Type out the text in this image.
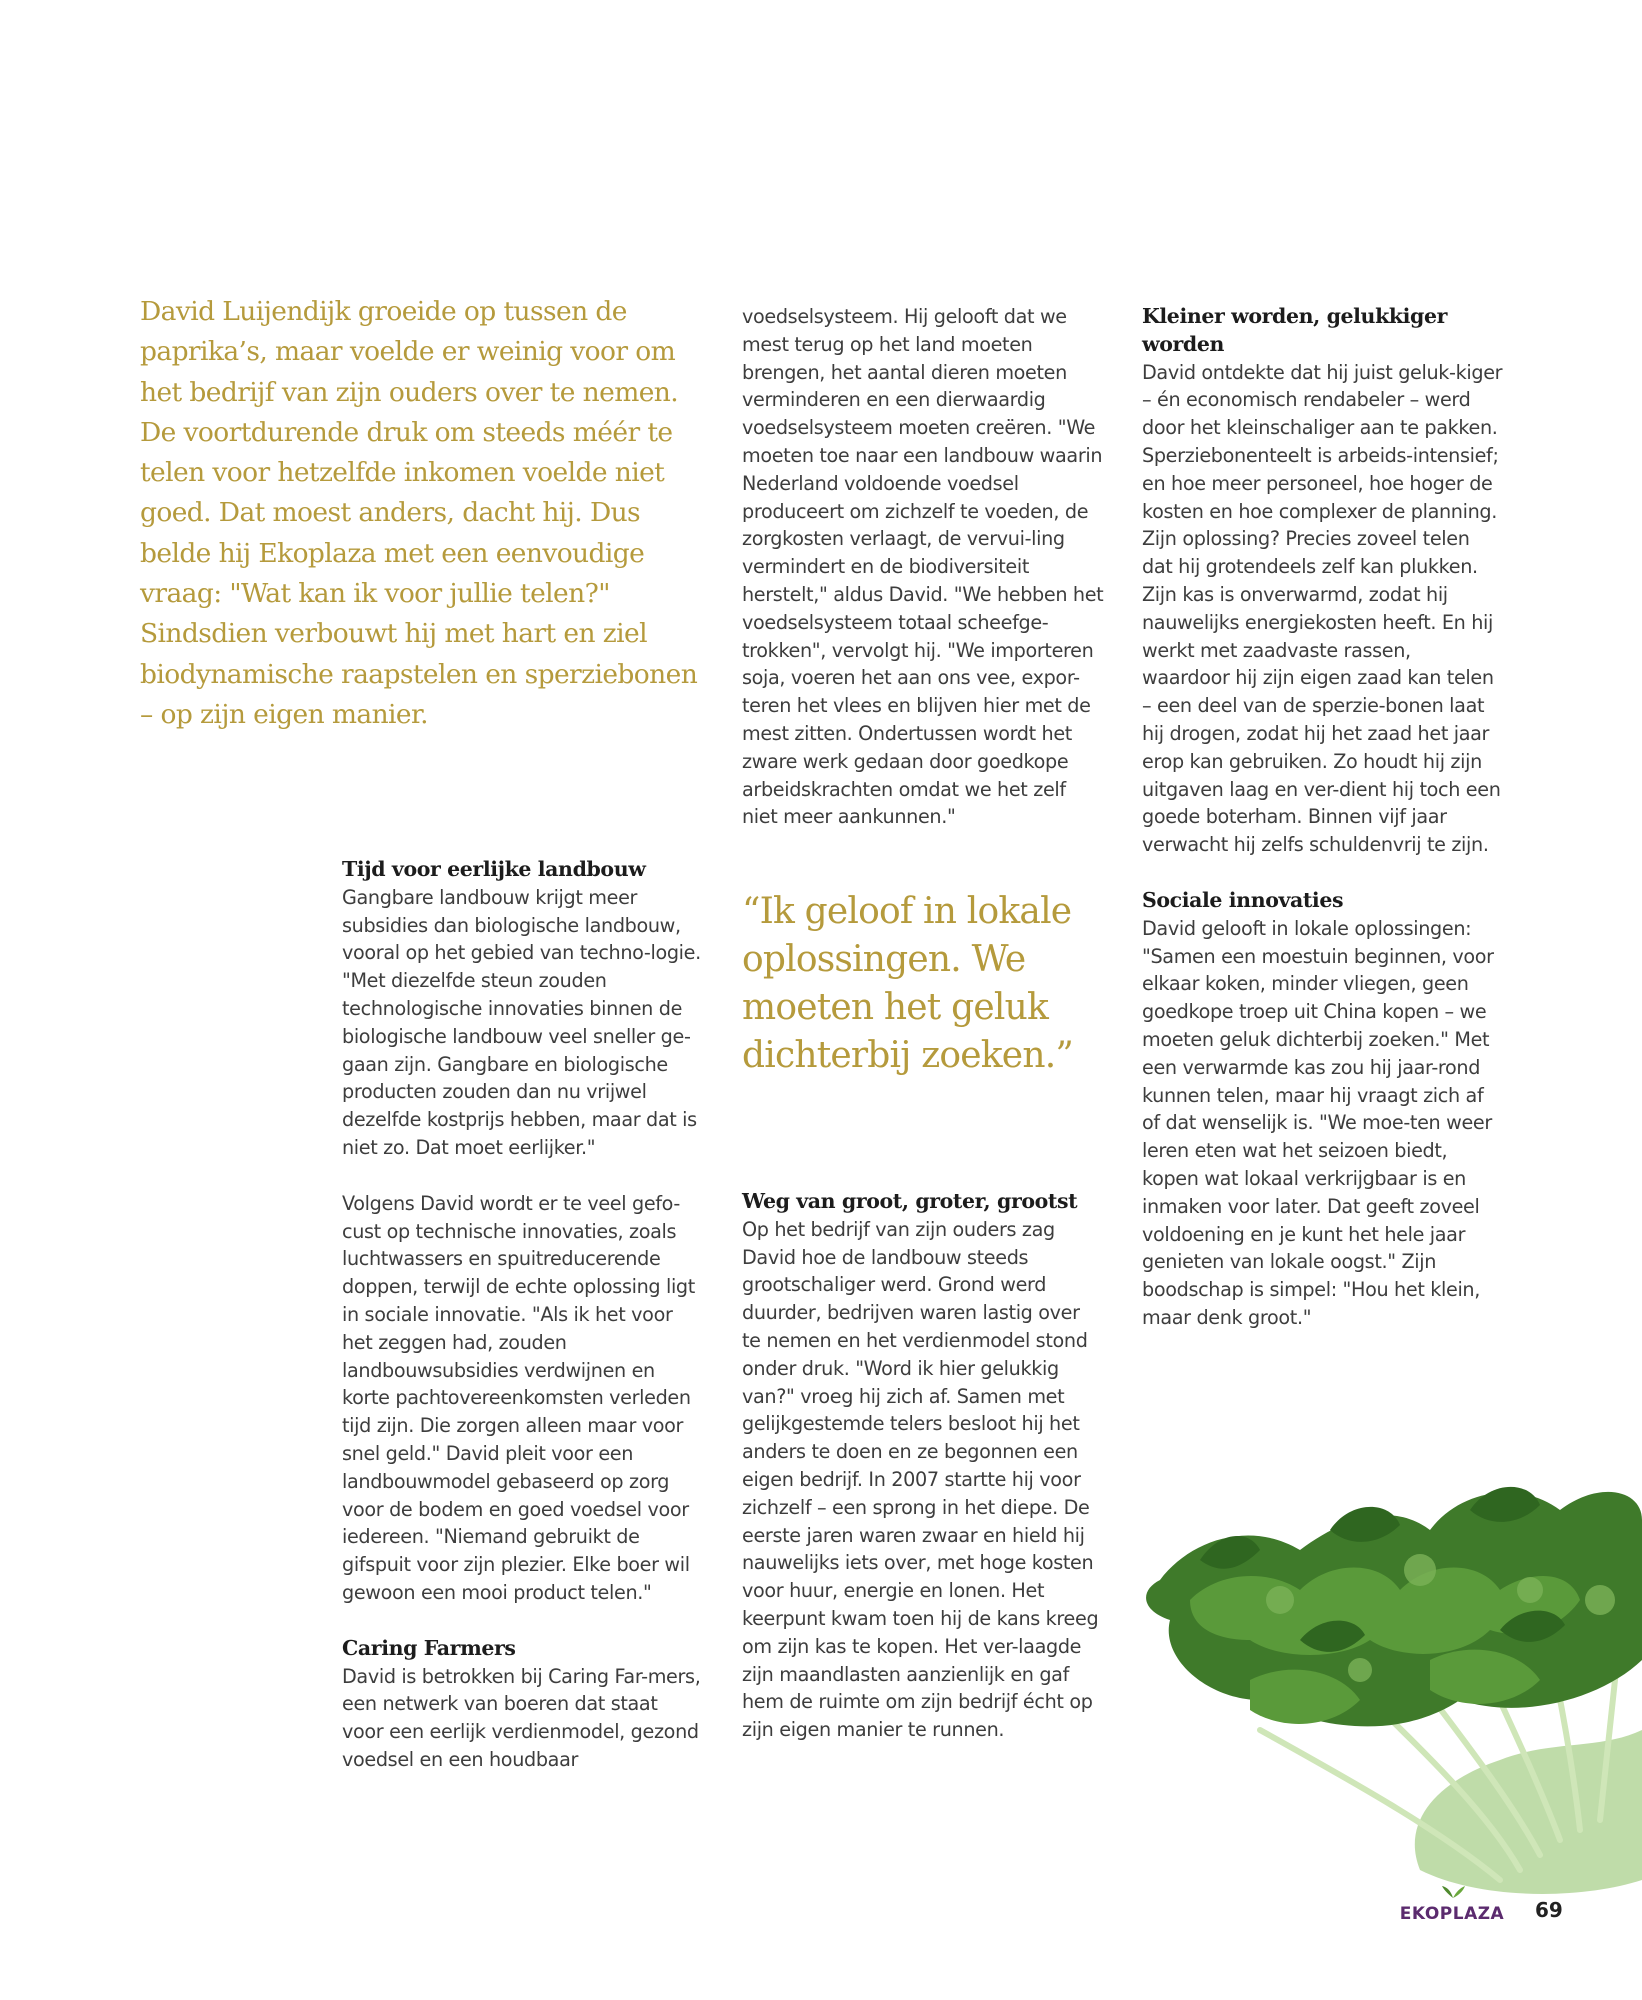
David Luijendijk groeide op tussen de paprika’s, maar voelde er weinig voor om het bedrijf van zijn ouders over te nemen. De voortdurende druk om steeds méér te telen voor hetzelfde inkomen voelde niet goed. Dat moest anders, dacht hij. Dus belde hij Ekoplaza met een eenvoudige vraag: "Wat kan ik voor jullie telen?" Sindsdien verbouwt hij met hart en ziel biodynamische raapstelen en sperziebonen – op zijn eigen manier.

Tijd voor eerlijke landbouw

Gangbare landbouw krijgt meer subsidies dan biologische landbouw, vooral op het gebied van techno-logie. "Met diezelfde steun zouden technologische innovaties binnen de biologische landbouw veel sneller ge-gaan zijn. Gangbare en biologische producten zouden dan nu vrijwel dezelfde kostprijs hebben, maar dat is niet zo. Dat moet eerlijker."

Volgens David wordt er te veel gefo-cust op technische innovaties, zoals luchtwassers en spuitreducerende doppen, terwijl de echte oplossing ligt in sociale innovatie. "Als ik het voor het zeggen had, zouden landbouwsubsidies verdwijnen en korte pachtovereenkomsten verleden tijd zijn. Die zorgen alleen maar voor snel geld." David pleit voor een landbouwmodel gebaseerd op zorg voor de bodem en goed voedsel voor iedereen. "Niemand gebruikt de gifspuit voor zijn plezier. Elke boer wil gewoon een mooi product telen."

Caring Farmers

David is betrokken bij Caring Far-mers, een netwerk van boeren dat staat voor een eerlijk verdienmodel, gezond voedsel en een houdbaar

voedselsysteem. Hij gelooft dat we mest terug op het land moeten brengen, het aantal dieren moeten verminderen en een dierwaardig voedselsysteem moeten creëren. "We moeten toe naar een landbouw waarin Nederland voldoende voedsel produceert om zichzelf te voeden, de zorgkosten verlaagt, de vervui-ling vermindert en de biodiversiteit herstelt," aldus David. "We hebben het voedselsysteem totaal scheefge-trokken", vervolgt hij. "We importeren soja, voeren het aan ons vee, expor-teren het vlees en blijven hier met de mest zitten. Ondertussen wordt het zware werk gedaan door goedkope arbeidskrachten omdat we het zelf niet meer aankunnen."

“Ik geloof in lokale oplossingen. We moeten het geluk dichterbij zoeken.”

Weg van groot, groter, grootst

Op het bedrijf van zijn ouders zag David hoe de landbouw steeds grootschaliger werd. Grond werd duurder, bedrijven waren lastig over te nemen en het verdienmodel stond onder druk. "Word ik hier gelukkig van?" vroeg hij zich af. Samen met gelijkgestemde telers besloot hij het anders te doen en ze begonnen een eigen bedrijf. In 2007 startte hij voor zichzelf – een sprong in het diepe. De eerste jaren waren zwaar en hield hij nauwelijks iets over, met hoge kosten voor huur, energie en lonen. Het keerpunt kwam toen hij de kans kreeg om zijn kas te kopen. Het ver-laagde zijn maandlasten aanzienlijk en gaf hem de ruimte om zijn bedrijf écht op zijn eigen manier te runnen.

Kleiner worden, gelukkiger worden

David ontdekte dat hij juist geluk-kiger – én economisch rendabeler – werd door het kleinschaliger aan te pakken. Sperziebonenteelt is arbeids-intensief; en hoe meer personeel, hoe hoger de kosten en hoe complexer de planning. Zijn oplossing? Precies zoveel telen dat hij grotendeels zelf kan plukken. Zijn kas is onverwarmd, zodat hij nauwelijks energiekosten heeft. En hij werkt met zaadvaste rassen, waardoor hij zijn eigen zaad kan telen – een deel van de sperzie-bonen laat hij drogen, zodat hij het zaad het jaar erop kan gebruiken. Zo houdt hij zijn uitgaven laag en ver-dient hij toch een goede boterham. Binnen vijf jaar verwacht hij zelfs schuldenvrij te zijn.

Sociale innovaties

David gelooft in lokale oplossingen: "Samen een moestuin beginnen, voor elkaar koken, minder vliegen, geen goedkope troep uit China kopen – we moeten geluk dichterbij zoeken." Met een verwarmde kas zou hij jaar-rond kunnen telen, maar hij vraagt zich af of dat wenselijk is. "We moe-ten weer leren eten wat het seizoen biedt, kopen wat lokaal verkrijgbaar is en inmaken voor later. Dat geeft zoveel voldoening en je kunt het hele jaar genieten van lokale oogst." Zijn boodschap is simpel: "Hou het klein, maar denk groot."

EKOPLAZA 69
